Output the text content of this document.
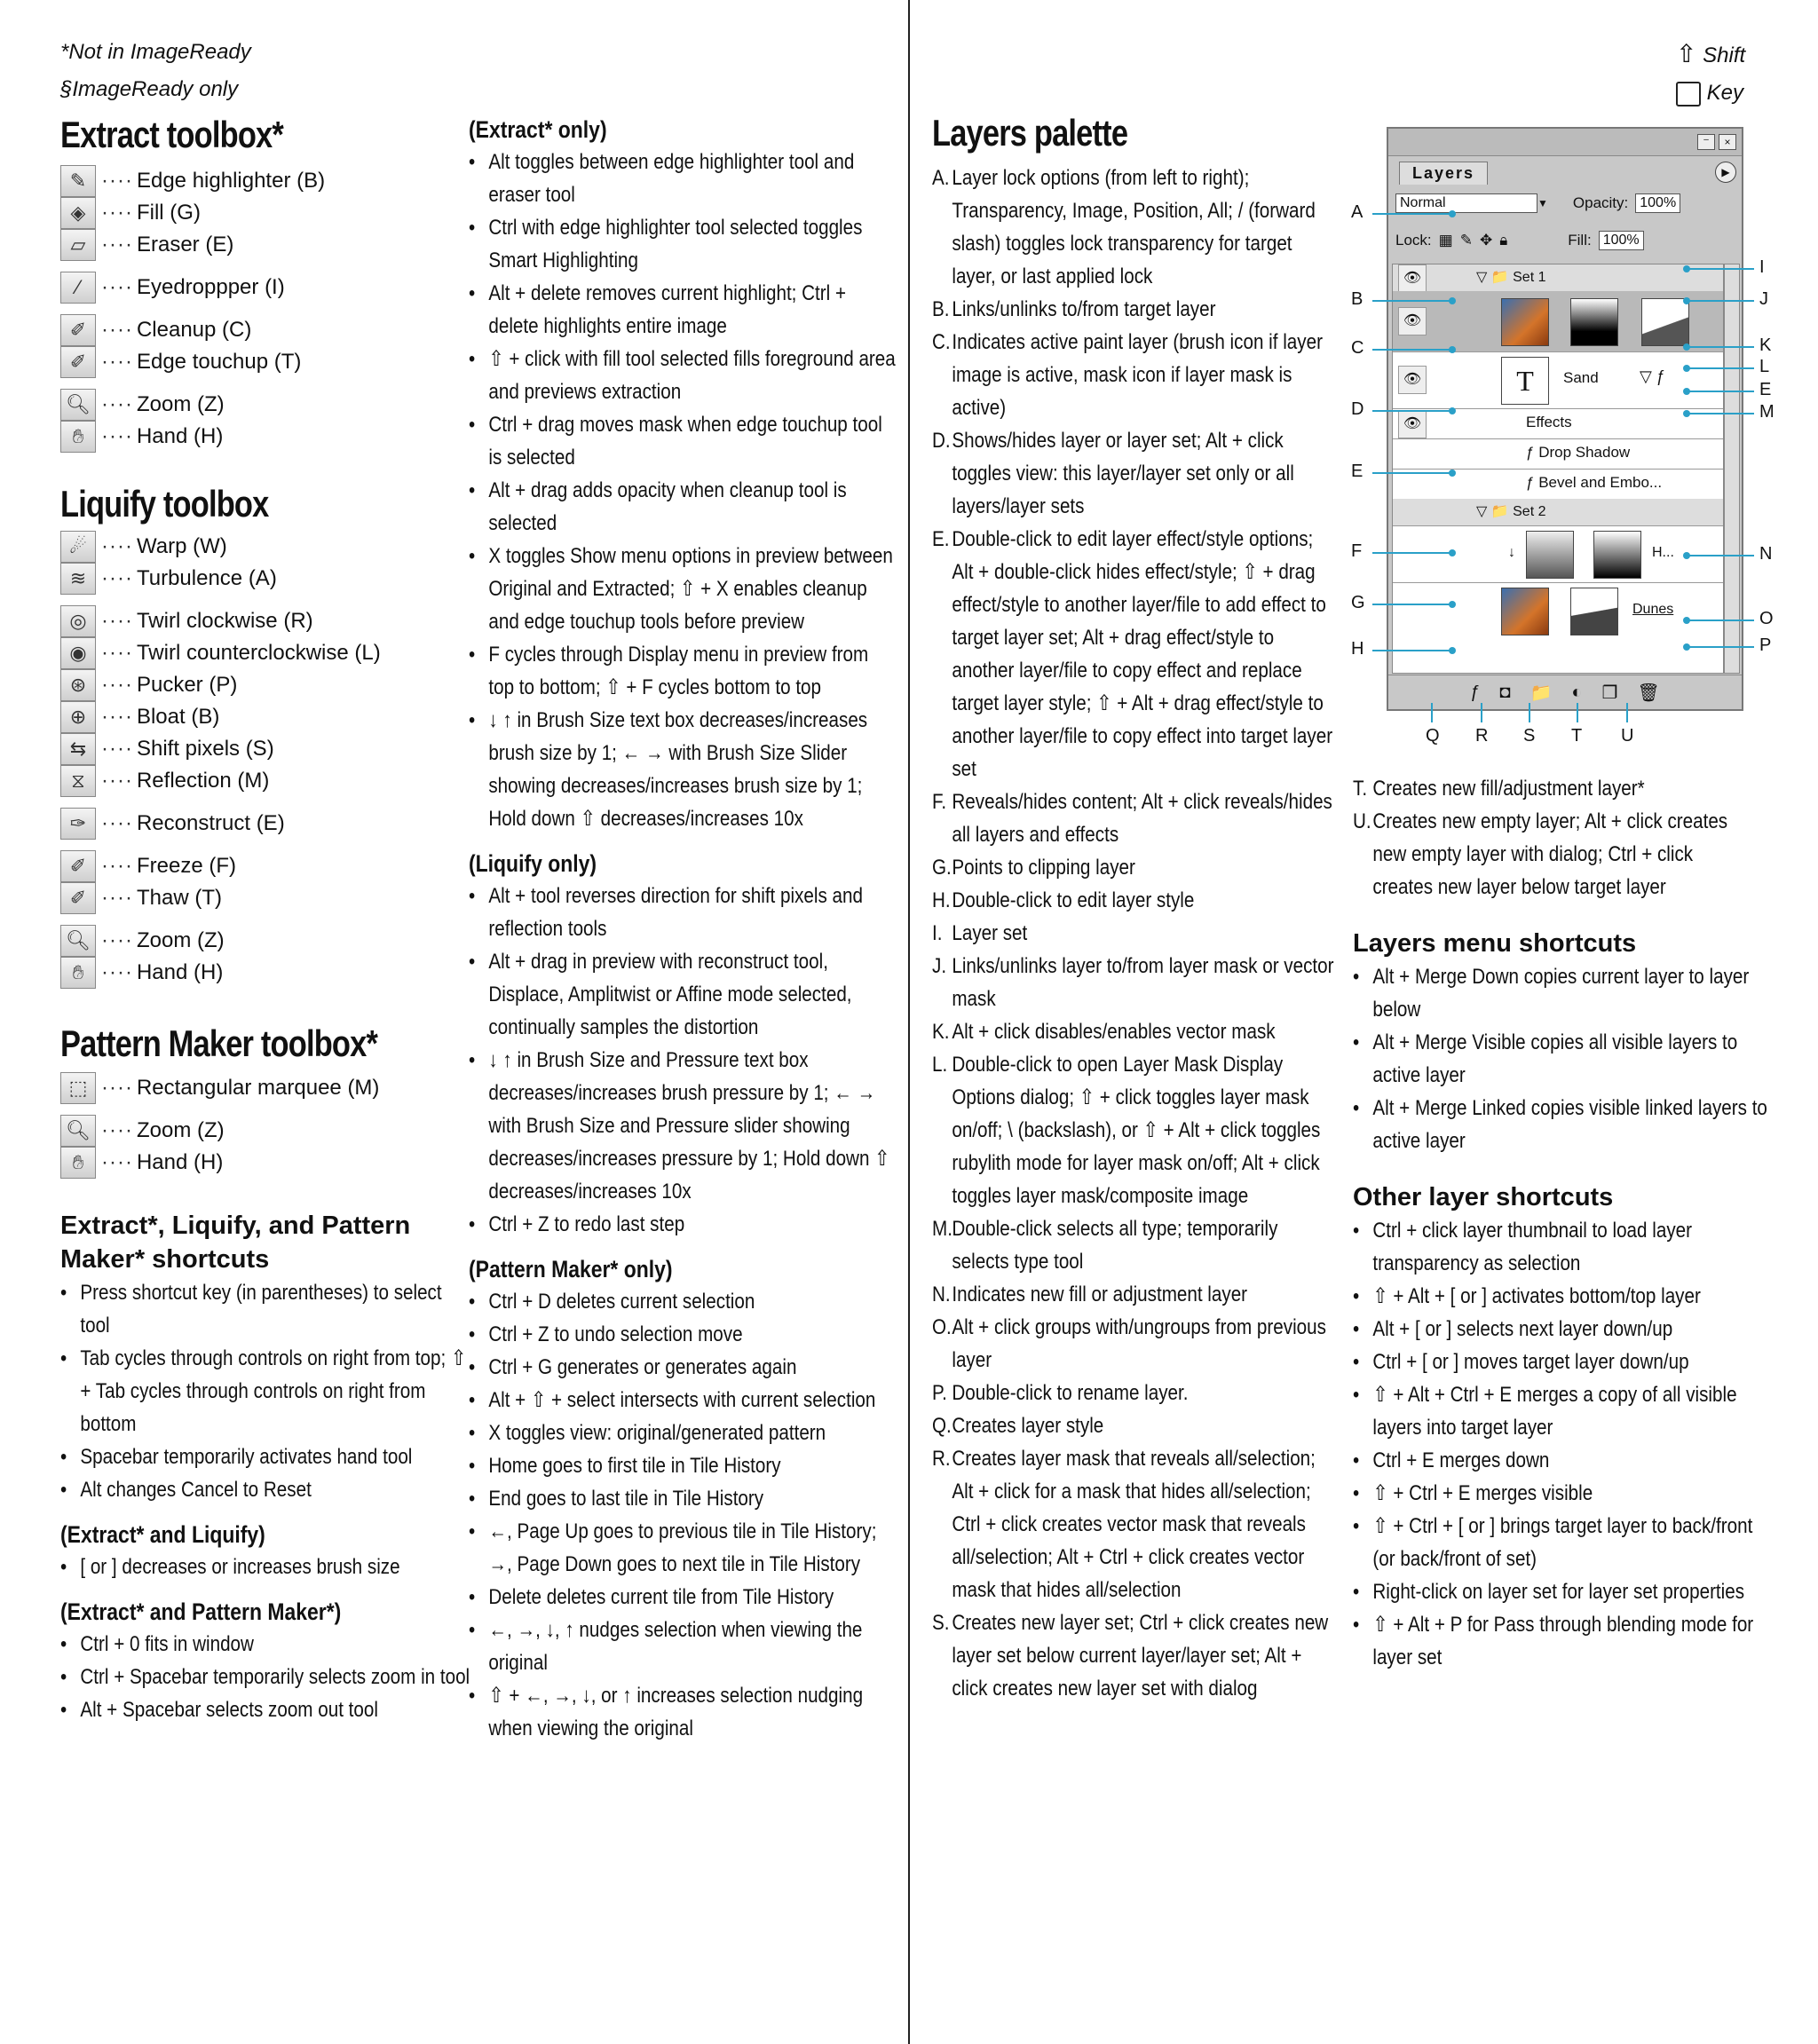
*Not in ImageReady
§ImageReady only
Extract toolbox*
✎ ···· Edge highlighter (B)
◈ ···· Fill (G)
▱ ···· Eraser (E)
⁄	···· Eyedroppper (I)
✐ ···· Cleanup (C)
✐ ···· Edge touchup (T)
🔍︎ ···· Zoom (Z)
✋︎ ···· Hand (H)
Liquify toolbox
☄ ···· Warp (W)
≋ ···· Turbulence (A)
◎ ···· Twirl clockwise (R)
◉ ···· Twirl counterclockwise (L)
⊛ ···· Pucker (P)
⊕ ···· Bloat (B)
⇆ ···· Shift pixels (S)
⧖ ···· Reflection (M)
✑ ···· Reconstruct (E)
✐ ···· Freeze (F)
✐ ···· Thaw (T)
🔍︎ ···· Zoom (Z)
✋︎ ···· Hand (H)
Pattern Maker toolbox*
⬚ ···· Rectangular marquee (M)
🔍︎ ···· Zoom (Z)
✋︎ ···· Hand (H)
Extract*, Liquify, and Pattern
Maker* shortcuts
• Press shortcut key (in parentheses) to select tool
• Tab cycles through controls on right from top; ⇧ + Tab cycles through controls on right from bottom
• Spacebar temporarily activates hand tool
• Alt changes Cancel to Reset
(Extract* and Liquify)
• [ or ] decreases or increases brush size
(Extract* and Pattern Maker*)
• Ctrl + 0 fits in window
• Ctrl + Spacebar temporarily selects zoom in tool
• Alt + Spacebar selects zoom out tool
(Extract* only)
• Alt toggles between edge highlighter tool and eraser tool
• Ctrl with edge highlighter tool selected toggles Smart Highlighting
• Alt + delete removes current highlight; Ctrl + delete highlights entire image
• ⇧ + click with fill tool selected fills foreground area and previews extraction
• Ctrl + drag moves mask when edge touchup tool is selected
• Alt + drag adds opacity when cleanup tool is selected
• X toggles Show menu options in preview between Original and Extracted; ⇧ + X enables cleanup and edge touchup tools before preview
• F cycles through Display menu in preview from top to bottom; ⇧ + F cycles bottom to top
• ↓ ↑ in Brush Size text box decreases/increases brush size by 1; ← → with Brush Size Slider showing decreases/increases brush size by 1; Hold down ⇧ decreases/increases 10x
(Liquify only)
• Alt + tool reverses direction for shift pixels and reflection tools
• Alt + drag in preview with reconstruct tool, Displace, Amplitwist or Affine mode selected, continually samples the distortion
• ↓ ↑ in Brush Size and Pressure text box decreases/increases brush pressure by 1; ← → with Brush Size and Pressure slider showing decreases/increases pressure by 1; Hold down ⇧ decreases/increases 10x
• Ctrl + Z to redo last step
(Pattern Maker* only)
• Ctrl + D deletes current selection
• Ctrl + Z to undo selection move
• Ctrl + G generates or generates again
• Alt + ⇧ + select intersects with current selection
• X toggles view: original/generated pattern
• Home goes to first tile in Tile History
• End goes to last tile in Tile History
• ←, Page Up goes to previous tile in Tile History; →, Page Down goes to next tile in Tile History
• Delete deletes current tile from Tile History
• ←, →, ↓, ↑ nudges selection when viewing the original
• ⇧ + ←, →, ↓, or ↑ increases selection nudging when viewing the original
Layers palette
A. Layer lock options (from left to right); Transparency, Image, Position, All; / (forward slash) toggles lock transparency for target layer, or last applied lock
B. Links/unlinks to/from target layer
C. Indicates active paint layer (brush icon if layer image is active, mask icon if layer mask is active)
D. Shows/hides layer or layer set; Alt + click toggles view: this layer/layer set only or all layers/layer sets
E. Double-click to edit layer effect/style options; Alt + double-click hides effect/style; ⇧ + drag effect/style to another layer/file to add effect to target layer set; Alt + drag effect/style to another layer/file to copy effect and replace target layer style; ⇧ + Alt + drag effect/style to another layer/file to copy effect into target layer set
F. Reveals/hides content; Alt + click reveals/hides all layers and effects
G. Points to clipping layer
H. Double-click to edit layer style
I. Layer set
J. Links/unlinks layer to/from layer mask or vector mask
K. Alt + click disables/enables vector mask
L. Double-click to open Layer Mask Display Options dialog; ⇧ + click toggles layer mask on/off; \ (backslash), or ⇧ + Alt + click toggles rubylith mode for layer mask on/off; Alt + click toggles layer mask/composite image
M. Double-click selects all type; temporarily selects type tool
N. Indicates new fill or adjustment layer
O. Alt + click groups with/ungroups from previous layer
P. Double-click to rename layer.
Q. Creates layer style
R. Creates layer mask that reveals all/selection; Alt + click for a mask that hides all/selection; Ctrl + click creates vector mask that reveals all/selection; Alt + Ctrl + click creates vector mask that hides all/selection
S. Creates new layer set; Ctrl + click creates new layer set below current layer/layer set; Alt + click creates new layer set with dialog
⇧ Shift
Key
–	×
Layers	▶
Normal	▼ Opacity: 100%
Lock: ▦ ✎ ✥ 🔒︎	Fill: 100%
👁	▽ 📁 Set 1
👁
👁	T	Sand	▽ ƒ
👁	Effects
ƒ Drop Shadow
ƒ Bevel and Embo...
▽ 📁 Set 2
↓	H...
Dunes
ƒ ◘ 📁 ◐ ❐ 🗑
A
B
C
D
E
F
G
H
I
J
K
L
E
M
N
O
P
Q R S T U
T. Creates new fill/adjustment layer*
U. Creates new empty layer; Alt + click creates new empty layer with dialog; Ctrl + click creates new layer below target layer
Layers menu shortcuts
• Alt + Merge Down copies current layer to layer below
• Alt + Merge Visible copies all visible layers to active layer
• Alt + Merge Linked copies visible linked layers to active layer
Other layer shortcuts
• Ctrl + click layer thumbnail to load layer transparency as selection
• ⇧ + Alt + [ or ] activates bottom/top layer
• Alt + [ or ] selects next layer down/up
• Ctrl + [ or ] moves target layer down/up
• ⇧ + Alt + Ctrl + E merges a copy of all visible layers into target layer
• Ctrl + E merges down
• ⇧ + Ctrl + E merges visible
• ⇧ + Ctrl + [ or ] brings target layer to back/front (or back/front of set)
• Right-click on layer set for layer set properties
• ⇧ + Alt + P for Pass through blending mode for layer set
